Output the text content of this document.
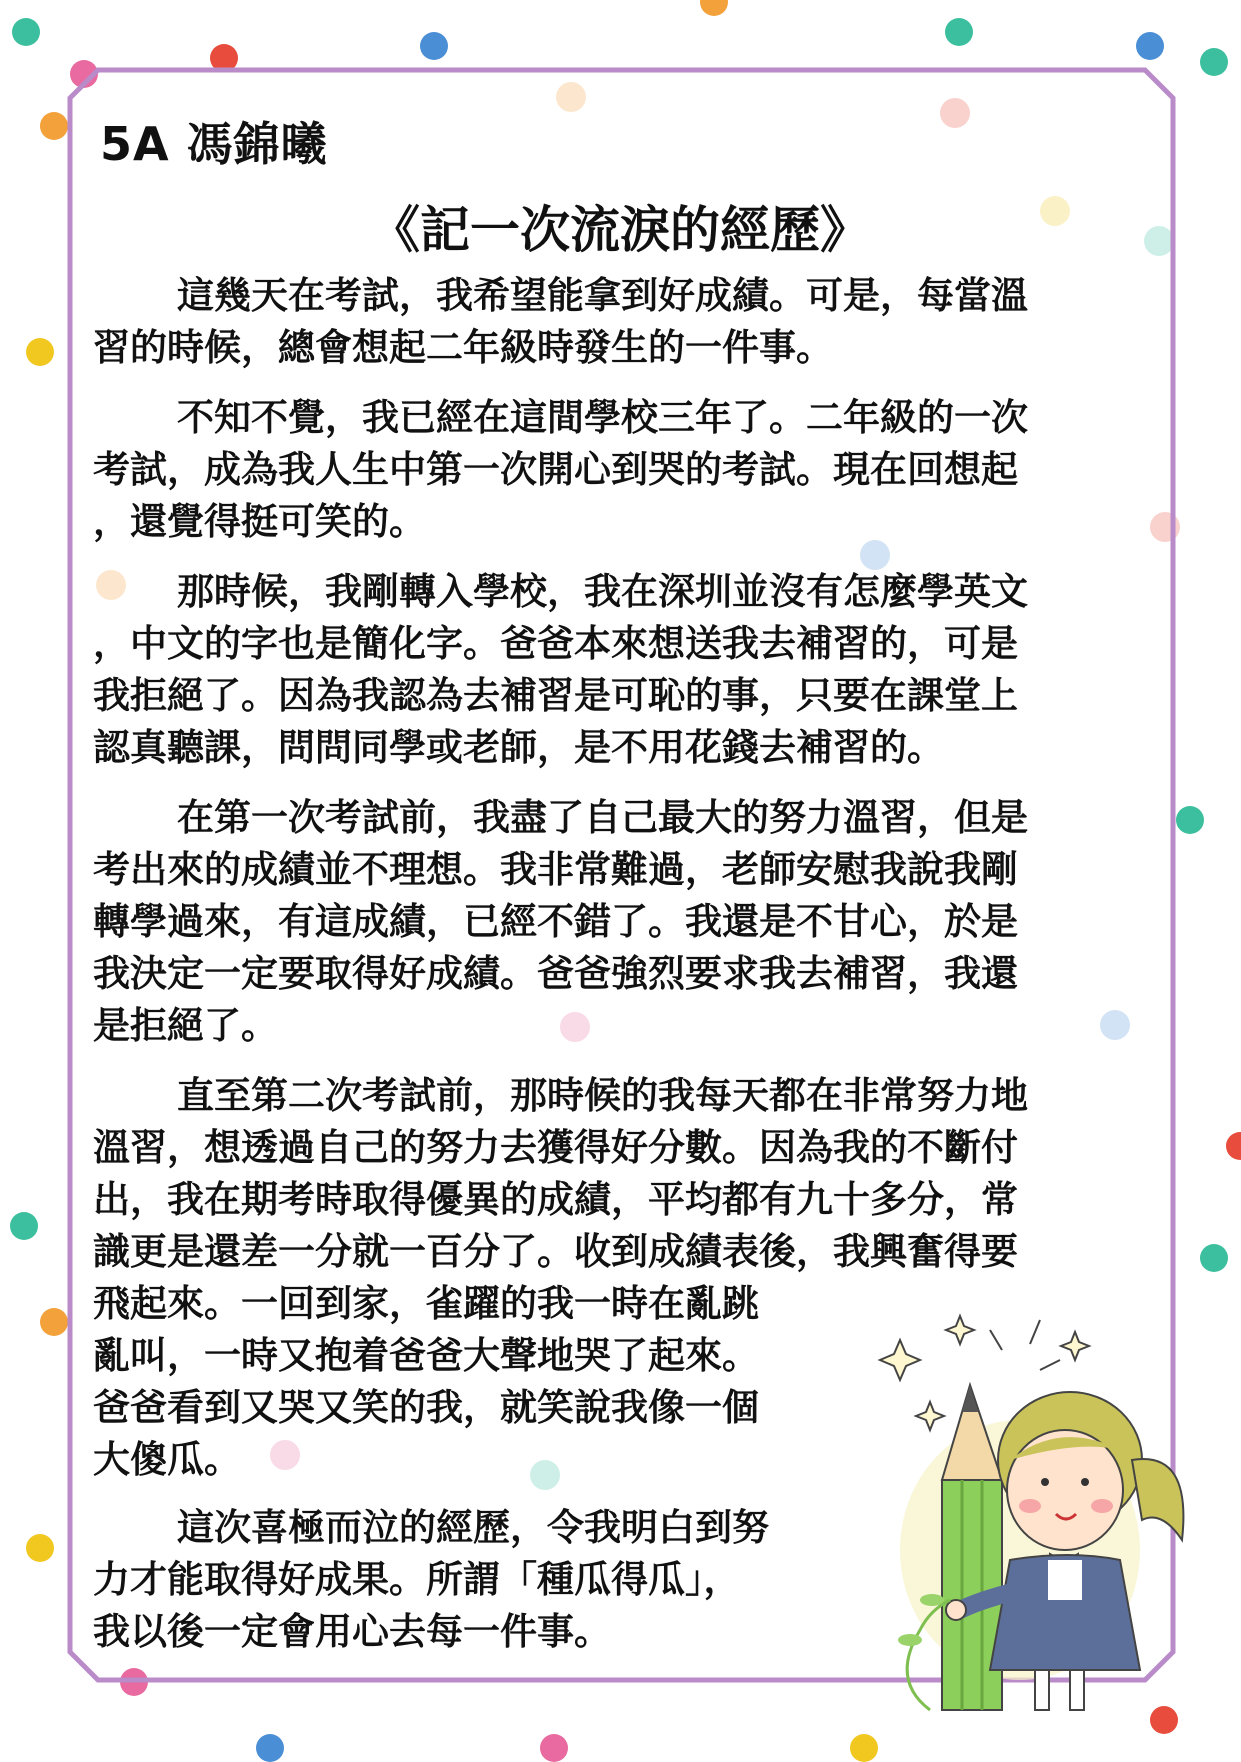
5A 馮錦曦
《記一次流淚的經歷》
這幾天在考試，我希望能拿到好成績。可是，每當溫
習的時候，總會想起二年級時發生的一件事。
不知不覺，我已經在這間學校三年了。二年級的一次
考試，成為我人生中第一次開心到哭的考試。現在回想起
，還覺得挺可笑的。
那時候，我剛轉入學校，我在深圳並沒有怎麼學英文
，中文的字也是簡化字。爸爸本來想送我去補習的，可是
我拒絕了。因為我認為去補習是可恥的事，只要在課堂上
認真聽課，問問同學或老師，是不用花錢去補習的。
在第一次考試前，我盡了自己最大的努力溫習，但是
考出來的成績並不理想。我非常難過，老師安慰我說我剛
轉學過來，有這成績，已經不錯了。我還是不甘心，於是
我決定一定要取得好成績。爸爸強烈要求我去補習，我還
是拒絕了。
直至第二次考試前，那時候的我每天都在非常努力地
溫習，想透過自己的努力去獲得好分數。因為我的不斷付
出，我在期考時取得優異的成績，平均都有九十多分，常
識更是還差一分就一百分了。收到成績表後，我興奮得要
飛起來。一回到家，雀躍的我一時在亂跳
亂叫，一時又抱着爸爸大聲地哭了起來。
爸爸看到又哭又笑的我，就笑說我像一個
大傻瓜。
這次喜極而泣的經歷，令我明白到努
力才能取得好成果。所謂「種瓜得瓜」，
我以後一定會用心去每一件事。
